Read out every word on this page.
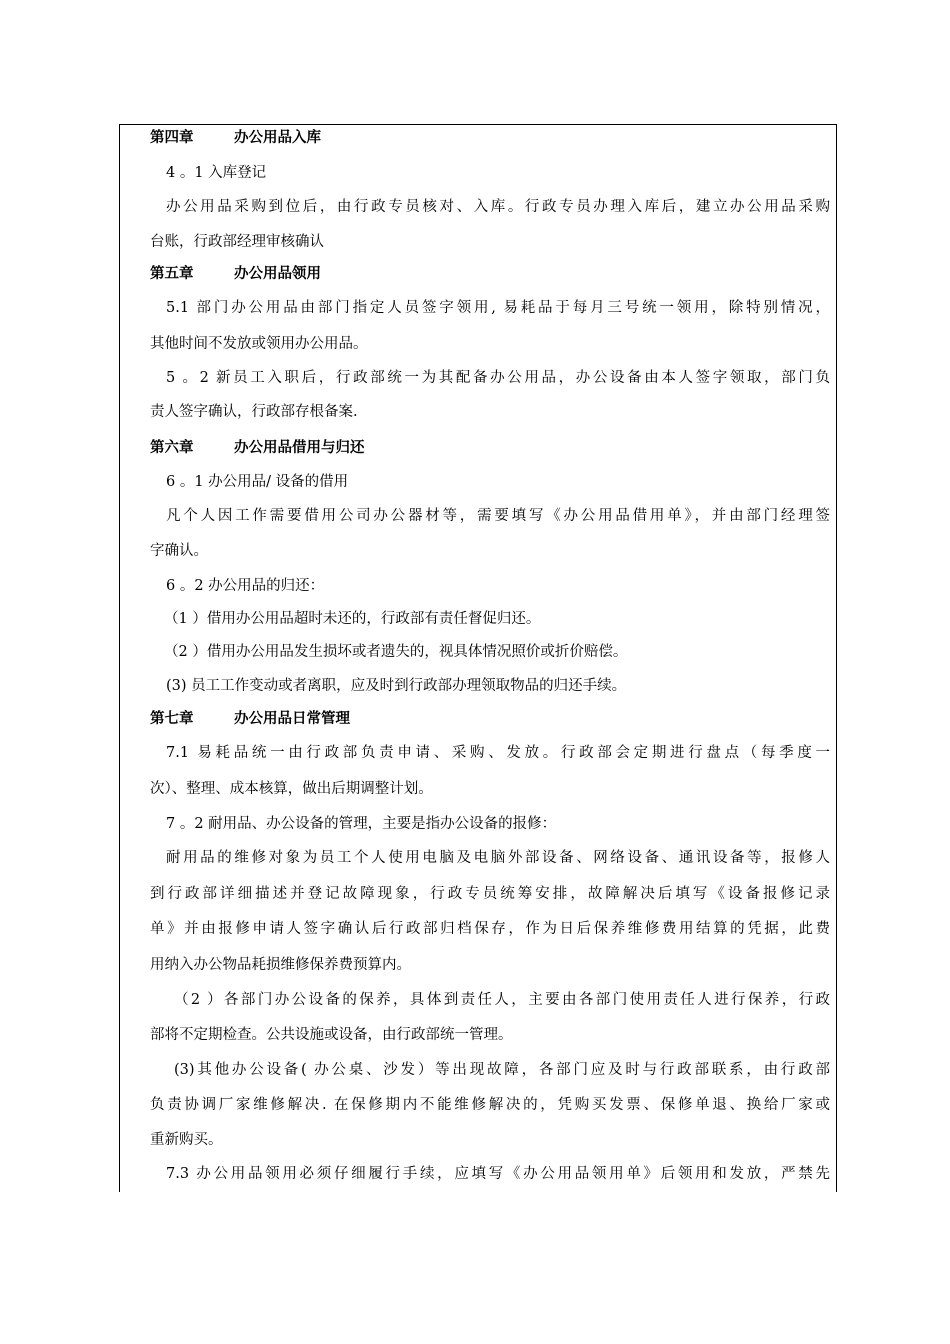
第四章	办公用品入库
4 。1 入库登记
办公用品采购到位后，由行政专员核对、入库。行政专员办理入库后，建立办公用品采购
台账，行政部经理审核确认
第五章	办公用品领用
5.1 部门办公用品由部门指定人员签字领用, 易耗品于每月三号统一领用，除特别情况，
其他时间不发放或领用办公用品。
5 。2 新员工入职后，行政部统一为其配备办公用品，办公设备由本人签字领取，部门负
责人签字确认，行政部存根备案.
第六章	办公用品借用与归还
6 。1 办公用品/ 设备的借用
凡个人因工作需要借用公司办公器材等，需要填写《办公用品借用单》，并由部门经理签
字确认。
6 。2 办公用品的归还：
（1 ）借用办公用品超时未还的，行政部有责任督促归还。
（2 ）借用办公用品发生损坏或者遗失的，视具体情况照价或折价赔偿。
(3) 员工工作变动或者离职，应及时到行政部办理领取物品的归还手续。
第七章	办公用品日常管理
7.1 易耗品统一由行政部负责申请、采购、发放。行政部会定期进行盘点（每季度一
次）、整理、成本核算，做出后期调整计划。
7 。2 耐用品、办公设备的管理，主要是指办公设备的报修：
耐用品的维修对象为员工个人使用电脑及电脑外部设备、网络设备、通讯设备等，报修人
到行政部详细描述并登记故障现象，行政专员统筹安排，故障解决后填写《设备报修记录
单》并由报修申请人签字确认后行政部归档保存，作为日后保养维修费用结算的凭据，此费
用纳入办公物品耗损维修保养费预算内。
（2 ）各部门办公设备的保养，具体到责任人，主要由各部门使用责任人进行保养，行政
部将不定期检查。公共设施或设备，由行政部统一管理。
(3)其他办公设备( 办公桌、沙发）等出现故障，各部门应及时与行政部联系，由行政部
负责协调厂家维修解决. 在保修期内不能维修解决的，凭购买发票、保修单退、换给厂家或
重新购买。
7.3 办公用品领用必须仔细履行手续，应填写《办公用品领用单》后领用和发放，严禁先
